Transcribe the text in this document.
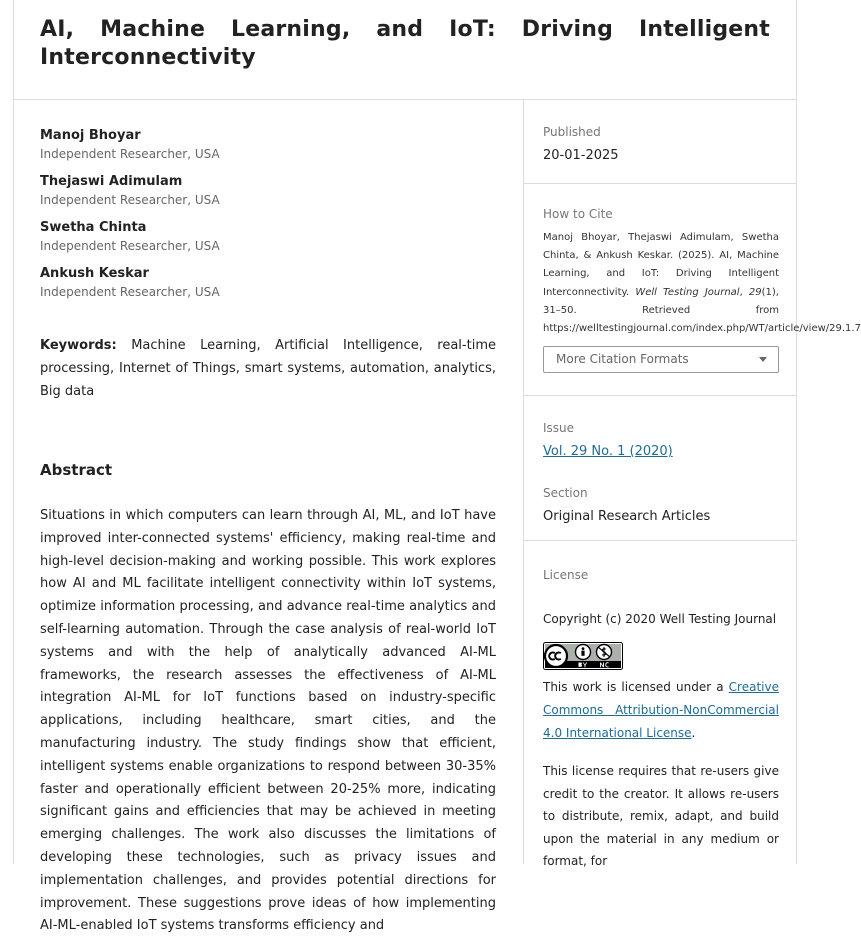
AI, Machine Learning, and IoT: Driving Intelligent Interconnectivity
Manoj Bhoyar
Independent Researcher, USA
Thejaswi Adimulam
Independent Researcher, USA
Swetha Chinta
Independent Researcher, USA
Ankush Keskar
Independent Researcher, USA
Keywords: Machine Learning, Artificial Intelligence, real-time processing, Internet of Things, smart systems, automation, analytics, Big data
Abstract
Situations in which computers can learn through AI, ML, and IoT have improved inter-connected systems' efficiency, making real-time and high-level decision-making and working possible. This work explores how AI and ML facilitate intelligent connectivity within IoT systems, optimize information processing, and advance real-time analytics and self-learning automation. Through the case analysis of real-world IoT systems and with the help of analytically advanced AI-ML frameworks, the research assesses the effectiveness of AI-ML integration AI-ML for IoT functions based on industry-specific applications, including healthcare, smart cities, and the manufacturing industry. The study findings show that efficient, intelligent systems enable organizations to respond between 30-35% faster and operationally efficient between 20-25% more, indicating significant gains and efficiencies that may be achieved in meeting emerging challenges. The work also discusses the limitations of developing these technologies, such as privacy issues and implementation challenges, and provides potential directions for improvement. These suggestions prove ideas of how implementing AI-ML-enabled IoT systems transforms efficiency and
Published
20-01-2025
How to Cite
Manoj Bhoyar, Thejaswi Adimulam, Swetha Chinta, & Ankush Keskar. (2025). AI, Machine Learning, and IoT: Driving Intelligent Interconnectivity. Well Testing Journal, 29(1), 31–50. Retrieved from https://welltestingjournal.com/index.php/WT/article/view/29.1.7
More Citation Formats
Issue
Vol. 29 No. 1 (2020)
Section
Original Research Articles
License
Copyright (c) 2020 Well Testing Journal
This work is licensed under a Creative Commons Attribution-NonCommercial 4.0 International License.
This license requires that re-users give credit to the creator. It allows re-users to distribute, remix, adapt, and build upon the material in any medium or format, for
